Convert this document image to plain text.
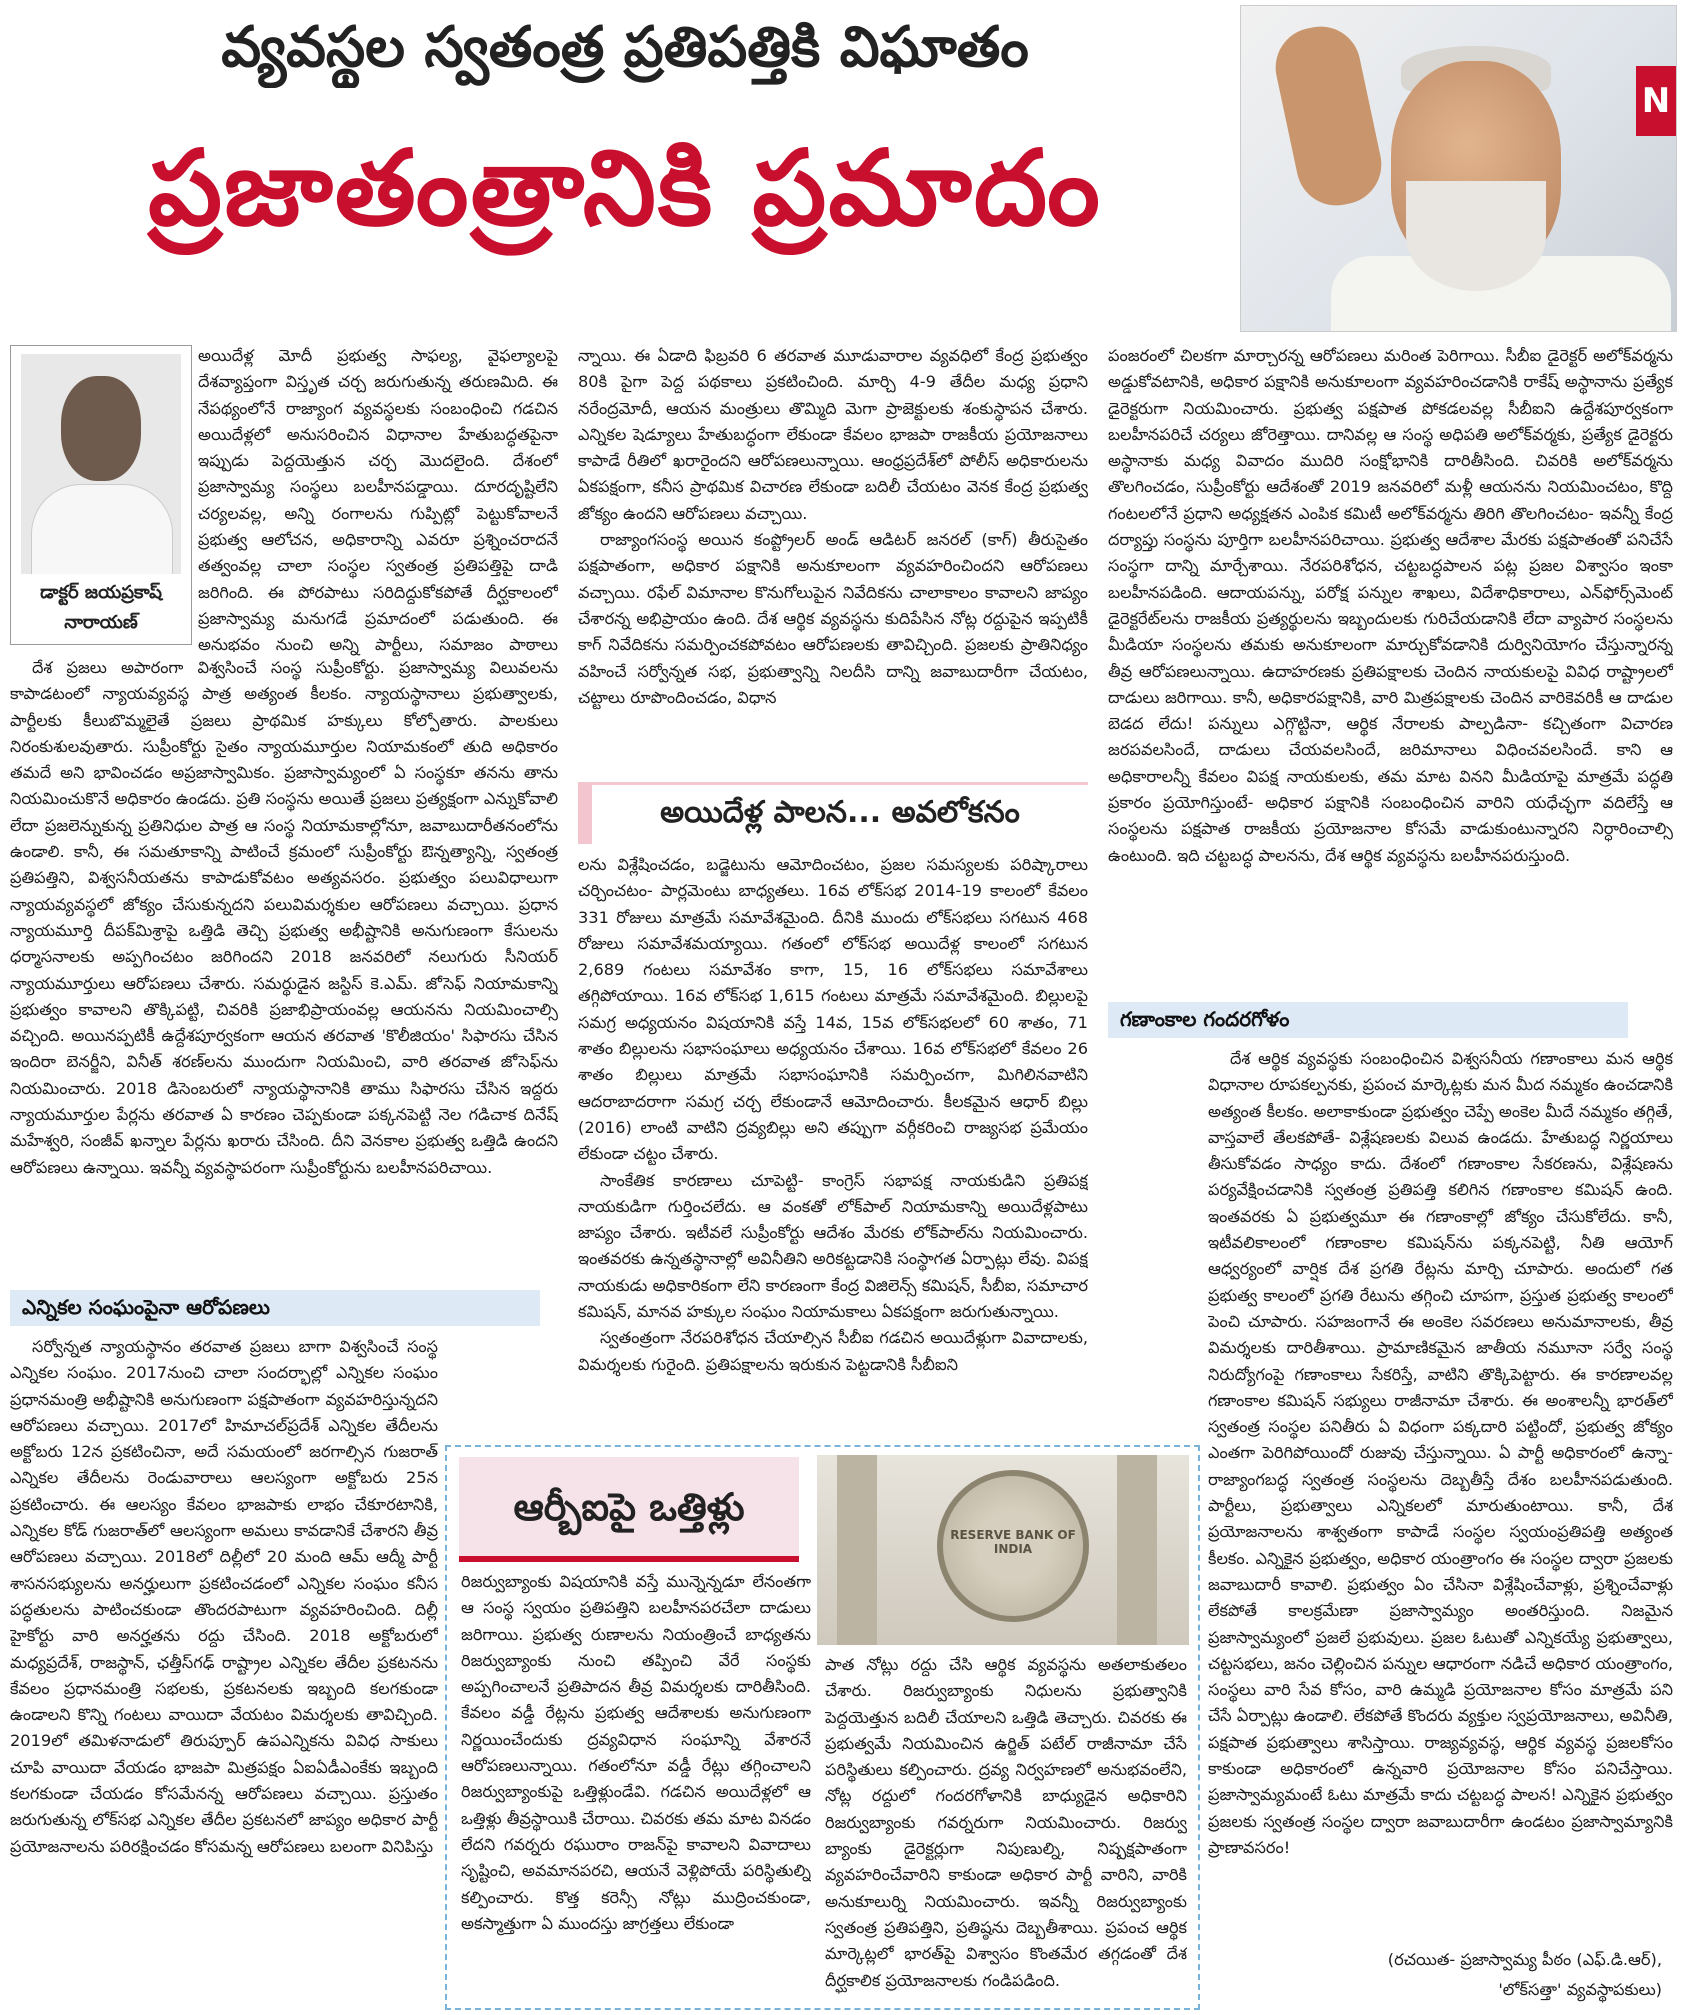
వ్యవస్థల స్వతంత్ర ప్రతిపత్తికి విఘాతం
ప్రజాతంత్రానికి ప్రమాదం
N
డాక్టర్ జయప్రకాష్
నారాయణ్

అయిదేళ్ల మోదీ ప్రభుత్వ సాఫల్య, వైఫల్యాలపై దేశవ్యాప్తంగా విస్తృత చర్చ జరుగుతున్న తరుణమిది. ఈ నేపథ్యంలోనే రాజ్యాంగ వ్యవస్థలకు సంబంధించి గడచిన అయిదేళ్లలో అనుసరించిన విధానాల హేతుబద్ధతపైనా ఇప్పుడు పెద్దయెత్తున చర్చ మొదలైంది. దేశంలో ప్రజాస్వామ్య సంస్థలు బలహీనపడ్డాయి. దూరదృష్టిలేని చర్యలవల్ల, అన్ని రంగాలను గుప్పిట్లో పెట్టుకోవాలనే ప్రభుత్వ ఆలోచన, అధికారాన్ని ఎవరూ ప్రశ్నించరాదనే తత్వంవల్ల చాలా సంస్థల స్వతంత్ర ప్రతిపత్తిపై దాడి జరిగింది. ఈ పోరపాటు సరిదిద్దుకోకపోతే దీర్ఘకాలంలో ప్రజాస్వామ్య మనుగడే ప్రమాదంలో పడుతుంది. ఈ అనుభవం నుంచి అన్ని పార్టీలు, సమాజం పాఠాలు

దేశ ప్రజలు అపారంగా విశ్వసించే సంస్థ సుప్రీంకోర్టు. ప్రజాస్వామ్య విలువలను కాపాడటంలో న్యాయవ్యవస్థ పాత్ర అత్యంత కీలకం. న్యాయస్థానాలు ప్రభుత్వాలకు, పార్టీలకు కీలుబొమ్మలైతే ప్రజలు ప్రాథమిక హక్కులు కోల్పోతారు. పాలకులు నిరంకుశులవుతారు. సుప్రీంకోర్టు సైతం న్యాయమూర్తుల నియామకంలో తుది అధికారం తమదే అని భావించడం అప్రజాస్వామికం. ప్రజాస్వామ్యంలో ఏ సంస్థకూ తనను తాను నియమించుకొనే అధికారం ఉండదు. ప్రతి సంస్థను అయితే ప్రజలు ప్రత్యక్షంగా ఎన్నుకోవాలి లేదా ప్రజలెన్నుకున్న ప్రతినిధుల పాత్ర ఆ సంస్థ నియామకాల్లోనూ, జవాబుదారీతనంలోను ఉండాలి. కానీ, ఈ సమతూకాన్ని పాటించే క్రమంలో సుప్రీంకోర్టు ఔన్నత్యాన్ని, స్వతంత్ర ప్రతిపత్తిని, విశ్వసనీయతను కాపాడుకోవటం అత్యవసరం. ప్రభుత్వం పలువిధాలుగా న్యాయవ్యవస్థలో జోక్యం చేసుకున్నదని పలువిమర్శకుల ఆరోపణలు వచ్చాయి. ప్రధాన న్యాయమూర్తి దీపక్‌మిశ్రాపై ఒత్తిడి తెచ్చి ప్రభుత్వ అభీష్టానికి అనుగుణంగా కేసులను ధర్మాసనాలకు అప్పగించటం జరిగిందని 2018 జనవరిలో నలుగురు సీనియర్ న్యాయమూర్తులు ఆరోపణలు చేశారు. సమర్థుడైన జస్టిస్ కె.ఎమ్. జోసెఫ్ నియామకాన్ని ప్రభుత్వం కావాలని తొక్కిపట్టి, చివరికి ప్రజాభిప్రాయంవల్ల ఆయనను నియమించాల్సి వచ్చింది. అయినప్పటికీ ఉద్దేశపూర్వకంగా ఆయన తరవాత 'కొలీజియం' సిఫారసు చేసిన ఇందిరా బెనర్జీని, వినీత్ శరణ్‌లను ముందుగా నియమించి, వారి తరవాత జోసెఫ్‌ను నియమించారు. 2018 డిసెంబరులో న్యాయస్థానానికి తాము సిఫారసు చేసిన ఇద్దరు న్యాయమూర్తుల పేర్లను తరవాత ఏ కారణం చెప్పకుండా పక్కనపెట్టి నెల గడిచాక దినేష్ మహేశ్వరి, సంజీవ్ ఖన్నాల పేర్లను ఖరారు చేసింది. దీని వెనకాల ప్రభుత్వ ఒత్తిడి ఉందని ఆరోపణలు ఉన్నాయి. ఇవన్నీ వ్యవస్థాపరంగా సుప్రీంకోర్టును బలహీనపరిచాయి.

ఎన్నికల సంఘంపైనా ఆరోపణలు

సర్వోన్నత న్యాయస్థానం తరవాత ప్రజలు బాగా విశ్వసించే సంస్థ ఎన్నికల సంఘం. 2017నుంచి చాలా సందర్భాల్లో ఎన్నికల సంఘం ప్రధానమంత్రి అభీష్టానికి అనుగుణంగా పక్షపాతంగా వ్యవహరిస్తున్నదని ఆరోపణలు వచ్చాయి. 2017లో హిమాచల్‌ప్రదేశ్ ఎన్నికల తేదీలను అక్టోబరు 12న ప్రకటించినా, అదే సమయంలో జరగాల్సిన గుజరాత్ ఎన్నికల తేదీలను రెండువారాలు ఆలస్యంగా అక్టోబరు 25న ప్రకటించారు. ఈ ఆలస్యం కేవలం భాజపాకు లాభం చేకూరటానికి, ఎన్నికల కోడ్ గుజరాత్‌లో ఆలస్యంగా అమలు కావడానికే చేశారని తీవ్ర ఆరోపణలు వచ్చాయి. 2018లో దిల్లీలో 20 మంది ఆమ్ ఆద్మీ పార్టీ శాసనసభ్యులను అనర్హులుగా ప్రకటించడంలో ఎన్నికల సంఘం కనీస పద్ధతులను పాటించకుండా తొందరపాటుగా వ్యవహరించింది. దిల్లీ హైకోర్టు వారి అనర్హతను రద్దు చేసింది. 2018 అక్టోబరులో మధ్యప్రదేశ్, రాజస్థాన్, ఛత్తీస్‌గఢ్ రాష్ట్రాల ఎన్నికల తేదీల ప్రకటనను కేవలం ప్రధానమంత్రి సభలకు, ప్రకటనలకు ఇబ్బంది కలగకుండా ఉండాలని కొన్ని గంటలు వాయిదా వేయటం విమర్శలకు తావిచ్చింది. 2019లో తమిళనాడులో తిరుప్పూర్ ఉపఎన్నికను వివిధ సాకులు చూపి వాయిదా వేయడం భాజపా మిత్రపక్షం ఏఐఏడీఎంకేకు ఇబ్బంది కలగకుండా చేయడం కోసమేనన్న ఆరోపణలు వచ్చాయి. ప్రస్తుతం జరుగుతున్న లోక్‌సభ ఎన్నికల తేదీల ప్రకటనలో జాప్యం అధికార పార్టీ ప్రయోజనాలను పరిరక్షించడం కోసమన్న ఆరోపణలు బలంగా వినిపిస్తు

న్నాయి. ఈ ఏడాది ఫిబ్రవరి 6 తరవాత మూడువారాల వ్యవధిలో కేంద్ర ప్రభుత్వం 80కి పైగా పెద్ద పథకాలు ప్రకటించింది. మార్చి 4-9 తేదీల మధ్య ప్రధాని నరేంద్రమోదీ, ఆయన మంత్రులు తొమ్మిది మెగా ప్రాజెక్టులకు శంకుస్థాపన చేశారు. ఎన్నికల షెడ్యూలు హేతుబద్ధంగా లేకుండా కేవలం భాజపా రాజకీయ ప్రయోజనాలు కాపాడే రీతిలో ఖరారైందని ఆరోపణలున్నాయి. ఆంధ్రప్రదేశ్‌లో పోలీస్ అధికారులను ఏకపక్షంగా, కనీస ప్రాథమిక విచారణ లేకుండా బదిలీ చేయటం వెనక కేంద్ర ప్రభుత్వ జోక్యం ఉందని ఆరోపణలు వచ్చాయి.

రాజ్యాంగసంస్థ అయిన కంప్ట్రోలర్ అండ్ ఆడిటర్ జనరల్ (కాగ్) తీరుసైతం పక్షపాతంగా, అధికార పక్షానికి అనుకూలంగా వ్యవహరించిందని ఆరోపణలు వచ్చాయి. రఫేల్ విమానాల కొనుగోలుపైన నివేదికను చాలాకాలం కావాలని జాప్యం చేశారన్న అభిప్రాయం ఉంది. దేశ ఆర్థిక వ్యవస్థను కుదిపేసిన నోట్ల రద్దుపైన ఇప్పటికీ కాగ్ నివేదికను సమర్పించకపోవటం ఆరోపణలకు తావిచ్చింది. ప్రజలకు ప్రాతినిధ్యం వహించే సర్వోన్నత సభ, ప్రభుత్వాన్ని నిలదీసి దాన్ని జవాబుదారీగా చేయటం, చట్టాలు రూపొందించడం, విధాన

అయిదేళ్ల పాలన... అవలోకనం

లను విశ్లేషించడం, బడ్జెటును ఆమోదించటం, ప్రజల సమస్యలకు పరిష్కారాలు చర్చించటం- పార్లమెంటు బాధ్యతలు. 16వ లోక్‌సభ 2014-19 కాలంలో కేవలం 331 రోజులు మాత్రమే సమావేశమైంది. దీనికి ముందు లోక్‌సభలు సగటున 468 రోజులు సమావేశమయ్యాయి. గతంలో లోక్‌సభ అయిదేళ్ల కాలంలో సగటున 2,689 గంటలు సమావేశం కాగా, 15, 16 లోక్‌సభలు సమావేశాలు తగ్గిపోయాయి. 16వ లోక్‌సభ 1,615 గంటలు మాత్రమే సమావేశమైంది. బిల్లులపై సమగ్ర అధ్యయనం విషయానికి వస్తే 14వ, 15వ లోక్‌సభలలో 60 శాతం, 71 శాతం బిల్లులను సభాసంఘాలు అధ్యయనం చేశాయి. 16వ లోక్‌సభలో కేవలం 26 శాతం బిల్లులు మాత్రమే సభాసంఘానికి సమర్పించగా, మిగిలినవాటిని ఆదరాబాదరాగా సమగ్ర చర్చ లేకుండానే ఆమోదించారు. కీలకమైన ఆధార్ బిల్లు (2016) లాంటి వాటిని ద్రవ్యబిల్లు అని తప్పుగా వర్గీకరించి రాజ్యసభ ప్రమేయం లేకుండా చట్టం చేశారు.

సాంకేతిక కారణాలు చూపెట్టి- కాంగ్రెస్ సభాపక్ష నాయకుడిని ప్రతిపక్ష నాయకుడిగా గుర్తించలేదు. ఆ వంకతో లోక్‌పాల్ నియామకాన్ని అయిదేళ్లపాటు జాప్యం చేశారు. ఇటీవలే సుప్రీంకోర్టు ఆదేశం మేరకు లోక్‌పాల్‌ను నియమించారు. ఇంతవరకు ఉన్నతస్థానాల్లో అవినీతిని అరికట్టడానికి సంస్థాగత ఏర్పాట్లు లేవు. విపక్ష నాయకుడు అధికారికంగా లేని కారణంగా కేంద్ర విజిలెన్స్ కమిషన్, సీబీఐ, సమాచార కమిషన్, మానవ హక్కుల సంఘం నియామకాలు ఏకపక్షంగా జరుగుతున్నాయి.

స్వతంత్రంగా నేరపరిశోధన చేయాల్సిన సీబీఐ గడచిన అయిదేళ్లుగా వివాదాలకు, విమర్శలకు గురైంది. ప్రతిపక్షాలను ఇరుకున పెట్టడానికి సీబీఐని

పంజరంలో చిలకగా మార్చారన్న ఆరోపణలు మరింత పెరిగాయి. సీబీఐ డైరెక్టర్ అలోక్‌వర్మను అడ్డుకోవటానికి, అధికార పక్షానికి అనుకూలంగా వ్యవహరించడానికి రాకేష్ అస్థానాను ప్రత్యేక డైరెక్టరుగా నియమించారు. ప్రభుత్వ పక్షపాత పోకడలవల్ల సీబీఐని ఉద్దేశపూర్వకంగా బలహీనపరిచే చర్యలు జోరెత్తాయి. దానివల్ల ఆ సంస్థ అధిపతి అలోక్‌వర్మకు, ప్రత్యేక డైరెక్టరు అస్థానాకు మధ్య వివాదం ముదిరి సంక్షోభానికి దారితీసింది. చివరికి అలోక్‌వర్మను తొలగించడం, సుప్రీంకోర్టు ఆదేశంతో 2019 జనవరిలో మళ్లీ ఆయనను నియమించటం, కొద్ది గంటలలోనే ప్రధాని అధ్యక్షతన ఎంపిక కమిటీ అలోక్‌వర్మను తిరిగి తొలగించటం- ఇవన్నీ కేంద్ర దర్యాప్తు సంస్థను పూర్తిగా బలహీనపరిచాయి. ప్రభుత్వ ఆదేశాల మేరకు పక్షపాతంతో పనిచేసే సంస్థగా దాన్ని మార్చేశాయి. నేరపరిశోధన, చట్టబద్ధపాలన పట్ల ప్రజల విశ్వాసం ఇంకా బలహీనపడింది. ఆదాయపన్ను, పరోక్ష పన్నుల శాఖలు, విదేశాధికారాలు, ఎన్‌ఫోర్స్‌మెంట్ డైరెక్టరేట్‌లను రాజకీయ ప్రత్యర్థులను ఇబ్బందులకు గురిచేయడానికి లేదా వ్యాపార సంస్థలను మీడియా సంస్థలను తమకు అనుకూలంగా మార్చుకోవడానికి దుర్వినియోగం చేస్తున్నారన్న తీవ్ర ఆరోపణలున్నాయి. ఉదాహరణకు ప్రతిపక్షాలకు చెందిన నాయకులపై వివిధ రాష్ట్రాలలో దాడులు జరిగాయి. కానీ, అధికారపక్షానికి, వారి మిత్రపక్షాలకు చెందిన వారికెవరికీ ఆ దాడుల బెడద లేదు! పన్నులు ఎగ్గొట్టినా, ఆర్థిక నేరాలకు పాల్పడినా- కచ్చితంగా విచారణ జరపవలసిందే, దాడులు చేయవలసిందే, జరిమానాలు విధించవలసిందే. కాని ఆ అధికారాలన్నీ కేవలం విపక్ష నాయకులకు, తమ మాట వినని మీడియాపై మాత్రమే పద్ధతి ప్రకారం ప్రయోగిస్తుంటే- అధికార పక్షానికి సంబంధించిన వారిని యధేచ్ఛగా వదిలేస్తే ఆ సంస్థలను పక్షపాత రాజకీయ ప్రయోజనాల కోసమే వాడుకుంటున్నారని నిర్ధారించాల్సి ఉంటుంది. ఇది చట్టబద్ధ పాలనను, దేశ ఆర్థిక వ్యవస్థను బలహీనపరుస్తుంది.

గణాంకాల గందరగోళం

దేశ ఆర్థిక వ్యవస్థకు సంబంధించిన విశ్వసనీయ గణాంకాలు మన ఆర్థిక విధానాల రూపకల్పనకు, ప్రపంచ మార్కెట్లకు మన మీద నమ్మకం ఉంచడానికి అత్యంత కీలకం. అలాకాకుండా ప్రభుత్వం చెప్పే అంకెల మీదే నమ్మకం తగ్గితే, వాస్తవాలే తేలకపోతే- విశ్లేషణలకు విలువ ఉండదు. హేతుబద్ధ నిర్ణయాలు తీసుకోవడం సాధ్యం కాదు. దేశంలో గణాంకాల సేకరణను, విశ్లేషణను పర్యవేక్షించడానికి స్వతంత్ర ప్రతిపత్తి కలిగిన గణాంకాల కమిషన్ ఉంది. ఇంతవరకు ఏ ప్రభుత్వమూ ఈ గణాంకాల్లో జోక్యం చేసుకోలేదు. కానీ, ఇటీవలికాలంలో గణాంకాల కమిషన్‌ను పక్కనపెట్టి, నీతి ఆయోగ్ ఆధ్వర్యంలో వార్షిక దేశ ప్రగతి రేట్లను మార్చి చూపారు. అందులో గత ప్రభుత్వ కాలంలో ప్రగతి రేటును తగ్గించి చూపగా, ప్రస్తుత ప్రభుత్వ కాలంలో పెంచి చూపారు. సహజంగానే ఈ అంకెల సవరణలు అనుమానాలకు, తీవ్ర విమర్శలకు దారితీశాయి. ప్రామాణికమైన జాతీయ నమూనా సర్వే సంస్థ నిరుద్యోగంపై గణాంకాలు సేకరిస్తే, వాటిని తొక్కిపెట్టారు. ఈ కారణాలవల్ల గణాంకాల కమిషన్ సభ్యులు రాజీనామా చేశారు. ఈ అంశాలన్నీ భారత్‌లో స్వతంత్ర సంస్థల పనితీరు ఏ విధంగా పక్కదారి పట్టిందో, ప్రభుత్వ జోక్యం ఎంతగా పెరిగిపోయిందో రుజువు చేస్తున్నాయి. ఏ పార్టీ అధికారంలో ఉన్నా- రాజ్యాంగబద్ధ స్వతంత్ర సంస్థలను దెబ్బతీస్తే దేశం బలహీనపడుతుంది. పార్టీలు, ప్రభుత్వాలు ఎన్నికలలో మారుతుంటాయి. కానీ, దేశ ప్రయోజనాలను శాశ్వతంగా కాపాడే సంస్థల స్వయంప్రతిపత్తి అత్యంత కీలకం. ఎన్నికైన ప్రభుత్వం, అధికార యంత్రాంగం ఈ సంస్థల ద్వారా ప్రజలకు జవాబుదారీ కావాలి. ప్రభుత్వం ఏం చేసినా విశ్లేషించేవాళ్లు, ప్రశ్నించేవాళ్లు లేకపోతే కాలక్రమేణా ప్రజాస్వామ్యం అంతరిస్తుంది. నిజమైన ప్రజాస్వామ్యంలో ప్రజలే ప్రభువులు. ప్రజల ఓటుతో ఎన్నికయ్యే ప్రభుత్వాలు, చట్టసభలు, జనం చెల్లించిన పన్నుల ఆధారంగా నడిచే అధికార యంత్రాంగం, సంస్థలు వారి సేవ కోసం, వారి ఉమ్మడి ప్రయోజనాల కోసం మాత్రమే పని చేసే ఏర్పాట్లు ఉండాలి. లేకపోతే కొందరు వ్యక్తుల స్వప్రయోజనాలు, అవినీతి, పక్షపాత ప్రభుత్వాలు శాసిస్తాయి. రాజ్యవ్యవస్థ, ఆర్థిక వ్యవస్థ ప్రజలకోసం కాకుండా అధికారంలో ఉన్నవారి ప్రయోజనాల కోసం పనిచేస్తాయి. ప్రజాస్వామ్యమంటే ఓటు మాత్రమే కాదు చట్టబద్ధ పాలన! ఎన్నికైన ప్రభుత్వం ప్రజలకు స్వతంత్ర సంస్థల ద్వారా జవాబుదారీగా ఉండటం ప్రజాస్వామ్యానికి ప్రాణావసరం!

(రచయిత- ప్రజాస్వామ్య పీఠం (ఎఫ్.డి.ఆర్),
'లోక్‌సత్తా' వ్యవస్థాపకులు)
ఆర్బీఐపై ఒత్తిళ్లు
RESERVE BANK OF INDIA

రిజర్వుబ్యాంకు విషయానికి వస్తే మున్నెన్నడూ లేనంతగా ఆ సంస్థ స్వయం ప్రతిపత్తిని బలహీనపరచేలా దాడులు జరిగాయి. ప్రభుత్వ రుణాలను నియంత్రించే బాధ్యతను రిజర్వుబ్యాంకు నుంచి తప్పించి వేరే సంస్థకు అప్పగించాలనే ప్రతిపాదన తీవ్ర విమర్శలకు దారితీసింది. కేవలం వడ్డీ రేట్లను ప్రభుత్వ ఆదేశాలకు అనుగుణంగా నిర్ణయించేందుకు ద్రవ్యవిధాన సంఘాన్ని వేశారనే ఆరోపణలున్నాయి. గతంలోనూ వడ్డీ రేట్లు తగ్గించాలని రిజర్వుబ్యాంకుపై ఒత్తిళ్లుండేవి. గడచిన అయిదేళ్లలో ఆ ఒత్తిళ్లు తీవ్రస్థాయికి చేరాయి. చివరకు తమ మాట వినడం లేదని గవర్నరు రఘురాం రాజన్‌పై కావాలని వివాదాలు సృష్టించి, అవమానపరచి, ఆయనే వెళ్లిపోయే పరిస్థితుల్ని కల్పించారు. కొత్త కరెన్సీ నోట్లు ముద్రించకుండా, అకస్మాత్తుగా ఏ ముందస్తు జాగ్రత్తలు లేకుండా

పాత నోట్లు రద్దు చేసి ఆర్థిక వ్యవస్థను అతలాకుతలం చేశారు. రిజర్వుబ్యాంకు నిధులను ప్రభుత్వానికి పెద్దయెత్తున బదిలీ చేయాలని ఒత్తిడి తెచ్చారు. చివరకు ఈ ప్రభుత్వమే నియమించిన ఉర్జిత్ పటేల్ రాజీనామా చేసే పరిస్థితులు కల్పించారు. ద్రవ్య నిర్వహణలో అనుభవంలేని, నోట్ల రద్దులో గందరగోళానికి బాధ్యుడైన అధికారిని రిజర్వుబ్యాంకు గవర్నరుగా నియమించారు. రిజర్వు బ్యాంకు డైరెక్టర్లుగా నిపుణుల్ని, నిష్పక్షపాతంగా వ్యవహరించేవారిని కాకుండా అధికార పార్టీ వారిని, వారికి అనుకూలుర్ని నియమించారు. ఇవన్నీ రిజర్వుబ్యాంకు స్వతంత్ర ప్రతిపత్తిని, ప్రతిష్ఠను దెబ్బతీశాయి. ప్రపంచ ఆర్థిక మార్కెట్లలో భారత్‌పై విశ్వాసం కొంతమేర తగ్గడంతో దేశ దీర్ఘకాలిక ప్రయోజనాలకు గండిపడింది.
